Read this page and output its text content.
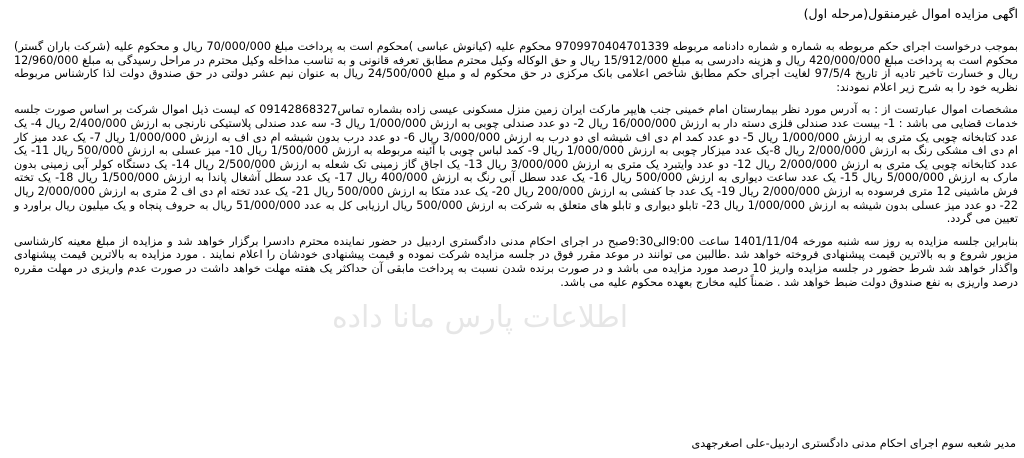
اگهی مزایده اموال غیرمنقول(مرحله اول)

بموجب درخواست اجرای حکم مربوطه به شماره و شماره دادنامه مربوطه 9709970404701339 محکوم علیه (کیانوش عباسی )محکوم است به پرداخت مبلغ 70/000/000 ریال و محکوم علیه (شرکت باران گستر) محکوم است به پرداخت مبلغ 420/000/000 ریال و هزینه دادرسی به مبلغ 15/912/000 ریال و حق الوکاله وکیل محترم مطابق تعرفه قانونی و به تناسب مداخله وکیل محترم در مراحل رسیدگی به مبلغ 12/960/000 ریال و خسارت تاخیر تادیه از تاریخ 97/5/4 لغایت اجرای حکم مطابق شاخص اعلامی بانک مرکزی در حق محکوم له و مبلغ 24/500/000 ریال به عنوان نیم عشر دولتی در حق صندوق دولت لذا کارشناس مربوطه نظریه خود را به شرح زیر اعلام نمودند:

مشخصات اموال عبارتست از : به آدرس مورد نظر بیمارستان امام خمینی جنب هایپر مارکت ایران زمین منزل مسکونی عیسی زاده بشماره تماس09142868327 که لیست ذیل اموال شرکت بر اساس صورت جلسه خدمات قضایی می باشد : 1- بیست عدد صندلی فلزی دسته دار به ارزش 16/000/000 ریال 2- دو عدد صندلی چوبی به ارزش 1/000/000 ریال 3- سه عدد صندلی پلاستیکی نارنجی به ارزش 2/400/000 ریال 4- یک عدد کتابخانه چوبی یک متری به ارزش 1/000/000 ریال 5- دو عدد کمد ام دی اف شیشه ای دو درب به ارزش 3/000/000 ریال 6- دو عدد درب بدون شیشه ام دی اف به ارزش 1/000/000 ریال 7- یک عدد میز کار ام دی اف مشکی رنگ به ارزش 2/000/000 ریال 8-یک عدد میزکار چوبی به ارزش 1/000/000 ریال 9- کمد لباس چوبی با آئینه مربوطه به ارزش 1/500/000 ریال 10- میز عسلی به ارزش 500/000 ریال 11- یک عدد کتابخانه چوبی یک متری به ارزش 2/000/000 ریال 12- دو عدد وایتبرد یک متری به ارزش 3/000/000 ریال 13- یک اجاق گاز زمینی تک شعله به ارزش 2/500/000 ریال 14- یک دستگاه کولر آبی زمینی بدون مارک به ارزش 5/000/000 ریال 15- یک عدد ساعت دیواری به ارزش 500/000 ریال 16- یک عدد سطل آبی رنگ به ارزش 400/000 ریال 17- یک عدد سطل آشغال پاندا به ارزش 1/500/000 ریال 18- یک تخته فرش ماشینی 12 متری فرسوده به ارزش 2/000/000 ریال 19- یک عدد جا کفشی به ارزش 200/000 ریال 20- یک عدد متکا به ارزش 500/000 ریال 21- یک عدد تخته ام دی اف 2 متری به ارزش 2/000/000 ریال 22- دو عدد میز عسلی بدون شیشه به ارزش 1/000/000 ریال 23- تابلو دیواری و تابلو های متعلق به شرکت به ارزش 500/000 ریال ارزیابی کل به عدد 51/000/000 ریال به حروف پنجاه و یک میلیون ریال براورد و تعیین می گردد.

بنابراین جلسه مزایده به روز سه شنبه مورخه 1401/11/04 ساعت 9:00الی9:30صبح در اجرای احکام مدنی دادگستری اردبیل در حضور نماینده محترم دادسرا برگزار خواهد شد و مزایده از مبلغ معینه کارشناسی مزبور شروع و به بالاترین قیمت پیشنهادی فروخته خواهد شد .طالبین می توانند در موعد مقرر فوق در جلسه مزایده شرکت نموده و قیمت پیشنهادی خودشان را اعلام نمایند . مورد مزایده به بالاترین قیمت پیشنهادی واگذار خواهد شد شرط حضور در جلسه مزایده واریز 10 درصد مورد مزایده می باشد و در صورت برنده شدن نسبت به پرداخت مابقی آن حداکثر یک هفته مهلت خواهد داشت در صورت عدم واریزی در مهلت مقرره درصد واریزی به نفع صندوق دولت ضبط خواهد شد . ضمناً کلیه مخارج بعهده محکوم علیه می باشد.

اطلاعات پارس مانا داده
مدیر شعبه سوم اجرای احکام مدنی دادگستری اردبیل-علی اصغرجهدی
